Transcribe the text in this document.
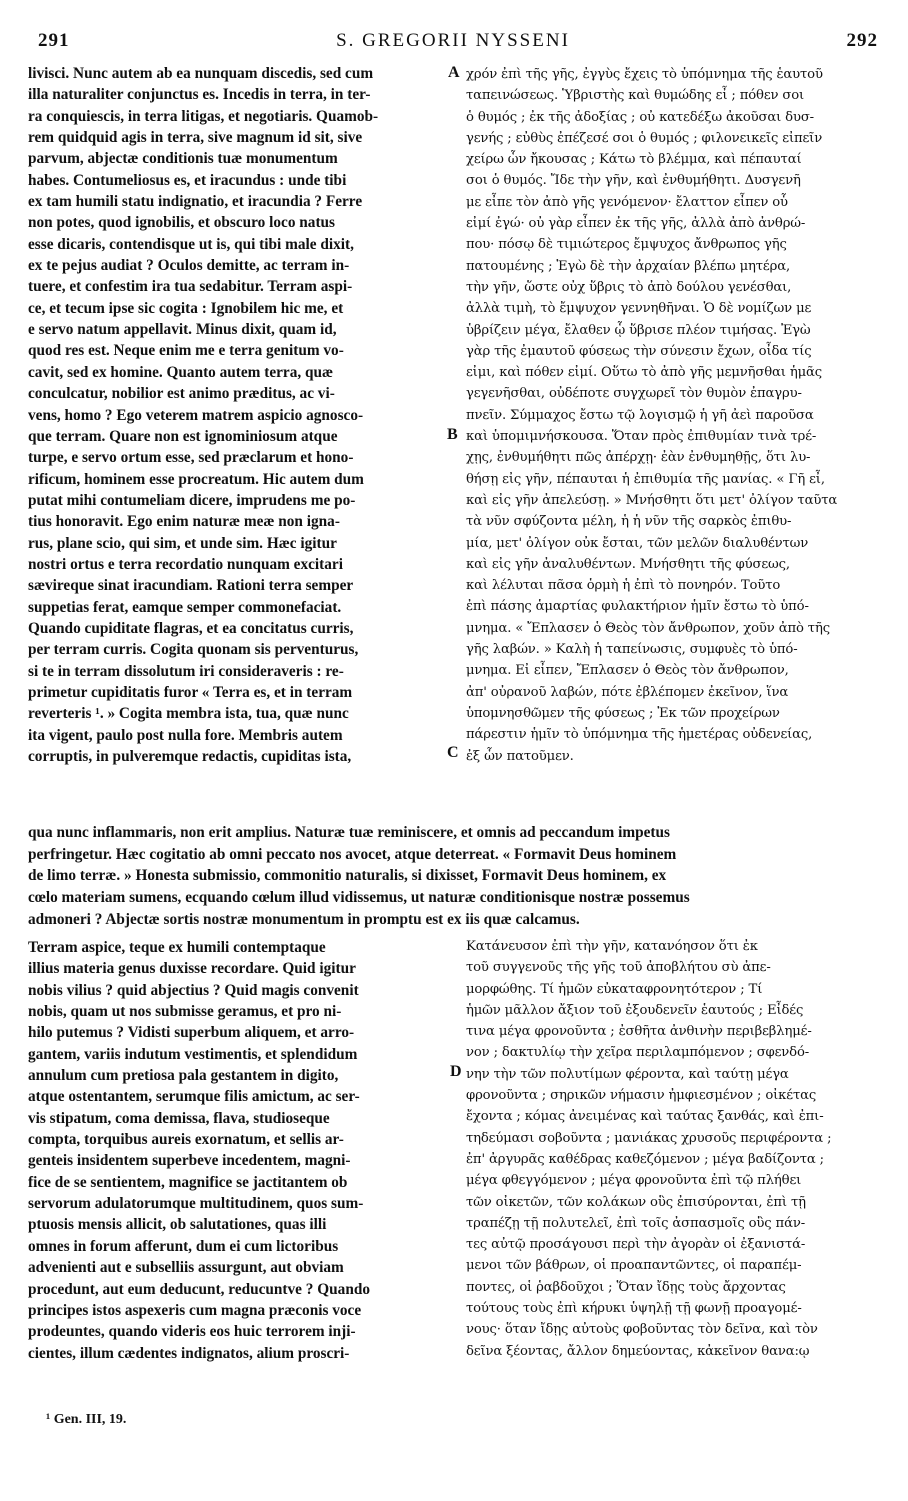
291	S. GREGORII NYSSENI	292
livisci. Nunc autem ab ea nunquam discedis, sed cum
illa naturaliter conjunctus es. Incedis in terra, in ter-
ra conquiescis, in terra litigas, et negotiaris. Quamob-
rem quidquid agis in terra, sive magnum id sit, sive
parvum, abjectæ conditionis tuæ monumentum
habes. Contumeliosus es, et iracundus : unde tibi
ex tam humili statu indignatio, et iracundia ? Ferre
non potes, quod ignobilis, et obscuro loco natus
esse dicaris, contendisque ut is, qui tibi male dixit,
ex te pejus audiat ? Oculos demitte, ac terram in-
tuere, et confestim ira tua sedabitur. Terram aspi-
ce, et tecum ipse sic cogita : Ignobilem hic me, et
e servo natum appellavit. Minus dixit, quam id,
quod res est. Neque enim me e terra genitum vo-
cavit, sed ex homine. Quanto autem terra, quæ
conculcatur, nobilior est animo præditus, ac vi-
vens, homo ? Ego veterem matrem aspicio agnosco-
que terram. Quare non est ignominiosum atque
turpe, e servo ortum esse, sed præclarum et hono-
rificum, hominem esse procreatum. Hic autem dum
putat mihi contumeliam dicere, imprudens me po-
tius honoravit. Ego enim naturæ meæ non igna-
rus, plane scio, qui sim, et unde sim. Hæc igitur
nostri ortus e terra recordatio nunquam excitari
sævireque sinat iracundiam. Rationi terra semper
suppetias ferat, eamque semper commonefaciat.
Quando cupiditate flagras, et ea concitatus curris,
per terram curris. Cogita quonam sis perventurus,
si te in terram dissolutum iri consideraveris : re-
primetur cupiditatis furor « Terra es, et in terram
reverteris ¹. » Cogita membra ista, tua, quæ nunc
ita vigent, paulo post nulla fore. Membris autem
corruptis, in pulveremque redactis, cupiditas ista,
χρόν ἐπὶ τῆς γῆς, ἐγγὺς ἔχεις τὸ ὑπόμνημα τῆς ἑαυτοῦ
ταπεινώσεως. Ὑβριστὴς καὶ θυμώδης εἶ ; πόθεν σοι
ὁ θυμός ; ἐκ τῆς ἀδοξίας ; οὐ κατεδέξω ἀκοῦσαι δυσ-
γενής ; εὐθὺς ἐπέζεσέ σοι ὁ θυμός ; φιλονεικεῖς εἰπεῖν
χείρω ὧν ἤκουσας ; Κάτω τὸ βλέμμα, καὶ πέπαυταί
σοι ὁ θυμός. Ἴδε τὴν γῆν, καὶ ἐνθυμήθητι. Δυσγενῆ
με εἶπε τὸν ἀπὸ γῆς γενόμενον· ἔλαττον εἶπεν οὗ
εἰμί ἐγώ· οὐ γὰρ εἶπεν ἐκ τῆς γῆς, ἀλλὰ ἀπὸ ἀνθρώ-
που· πόσῳ δὲ τιμιώτερος ἔμψυχος ἄνθρωπος γῆς
πατουμένης ; Ἐγὼ δὲ τὴν ἀρχαίαν βλέπω μητέρα,
τὴν γῆν, ὥστε οὐχ ὕβρις τὸ ἀπὸ δούλου γενέσθαι,
ἀλλὰ τιμὴ, τὸ ἔμψυχον γεννηθῆναι. Ὁ δὲ νομίζων με
ὑβρίζειν μέγα, ἔλαθεν ᾧ ὕβρισε πλέον τιμήσας. Ἐγὼ
γὰρ τῆς ἐμαυτοῦ φύσεως τὴν σύνεσιν ἔχων, οἶδα τίς
εἰμι, καὶ πόθεν εἰμί. Οὕτω τὸ ἀπὸ γῆς μεμνῆσθαι ἡμᾶς
γεγενῆσθαι, οὐδέποτε συγχωρεῖ τὸν θυμὸν ἐπαγρυ-
πνεῖν. Σύμμαχος ἔστω τῷ λογισμῷ ἡ γῆ ἀεὶ παροῦσα
καὶ ὑπομιμνήσκουσα. Ὅταν πρὸς ἐπιθυμίαν τινὰ τρέ-
χῃς, ἐνθυμήθητι πῶς ἀπέρχῃ· ἐὰν ἐνθυμηθῇς, ὅτι λυ-
θήσῃ εἰς γῆν, πέπαυται ἡ ἐπιθυμία τῆς μανίας. « Γῆ εἶ,
καὶ εἰς γῆν ἀπελεύσῃ. » Μνήσθητι ὅτι μετ' ὀλίγον ταῦτα
τὰ νῦν σφύζοντα μέλη, ἡ ἡ νῦν τῆς σαρκὸς ἐπιθυ-
μία, μετ' ὀλίγον οὐκ ἔσται, τῶν μελῶν διαλυθέντων
καὶ εἰς γῆν ἀναλυθέντων. Μνήσθητι τῆς φύσεως,
καὶ λέλυται πᾶσα ὁρμὴ ἡ ἐπὶ τὸ πονηρόν. Τοῦτο
ἐπὶ πάσης ἁμαρτίας φυλακτήριον ἡμῖν ἔστω τὸ ὑπό-
μνημα. « Ἔπλασεν ὁ Θεὸς τὸν ἄνθρωπον, χοῦν ἀπὸ τῆς
γῆς λαβών. » Καλὴ ἡ ταπείνωσις, συμφυὲς τὸ ὑπό-
μνημα. Εἰ εἶπεν, Ἔπλασεν ὁ Θεὸς τὸν ἄνθρωπον,
ἀπ' οὐρανοῦ λαβών, πότε ἐβλέπομεν ἐκεῖνον, ἵνα
ὑπομνησθῶμεν τῆς φύσεως ; Ἐκ τῶν προχείρων
πάρεστιν ἡμῖν τὸ ὑπόμνημα τῆς ἡμετέρας οὐδενείας,
ἐξ ὧν πατοῦμεν.
A
B
C
D
qua nunc inflammaris, non erit amplius. Naturæ tuæ reminiscere, et omnis ad peccandum impetus
perfringetur. Hæc cogitatio ab omni peccato nos avocet, atque deterreat. « Formavit Deus hominem
de limo terræ. » Honesta submissio, commonitio naturalis, si dixisset, Formavit Deus hominem, ex
cœlo materiam sumens, ecquando cœlum illud vidissemus, ut naturæ conditionisque nostræ possemus
admoneri ? Abjectæ sortis nostræ monumentum in promptu est ex iis quæ calcamus.
Terram aspice, teque ex humili contemptaque
illius materia genus duxisse recordare. Quid igitur
nobis vilius ? quid abjectius ? Quid magis convenit
nobis, quam ut nos submisse geramus, et pro ni-
hilo putemus ? Vidisti superbum aliquem, et arro-
gantem, variis indutum vestimentis, et splendidum
annulum cum pretiosa pala gestantem in digito,
atque ostentantem, serumque filis amictum, ac ser-
vis stipatum, coma demissa, flava, studioseque
compta, torquibus aureis exornatum, et sellis ar-
genteis insidentem superbeve incedentem, magni-
fice de se sentientem, magnifice se jactitantem ob
servorum adulatorumque multitudinem, quos sum-
ptuosis mensis allicit, ob salutationes, quas illi
omnes in forum afferunt, dum ei cum lictoribus
advenienti aut e subselliis assurgunt, aut obviam
procedunt, aut eum deducunt, reducuntve ? Quando
principes istos aspexeris cum magna præconis voce
prodeuntes, quando videris eos huic terrorem inji-
cientes, illum cædentes indignatos, alium proscri-
Κατάνευσον ἐπὶ τὴν γῆν, κατανόησον ὅτι ἐκ
τοῦ συγγενοῦς τῆς γῆς τοῦ ἀποβλήτου σὺ ἀπε-
μορφώθης. Τί ἡμῶν εὐκαταφρονητότερον ; Τί
ἡμῶν μᾶλλον ἄξιον τοῦ ἐξουδενεῖν ἑαυτούς ; Εἶδές
τινα μέγα φρονοῦντα ; ἐσθῆτα ἀνθινὴν περιβεβλημέ-
νον ; δακτυλίῳ τὴν χεῖρα περιλαμπόμενον ; σφενδό-
νην τὴν τῶν πολυτίμων φέροντα, καὶ ταύτῃ μέγα
φρονοῦντα ; σηρικῶν νήμασιν ἠμφιεσμένον ; οἰκέτας
ἔχοντα ; κόμας ἀνειμένας καὶ ταύτας ξανθάς, καὶ ἐπι-
τηδεύμασι σοβοῦντα ; μανιάκας χρυσοῦς περιφέροντα ;
ἐπ' ἀργυρᾶς καθέδρας καθεζόμενον ; μέγα βαδίζοντα ;
μέγα φθεγγόμενον ; μέγα φρονοῦντα ἐπὶ τῷ πλήθει
τῶν οἰκετῶν, τῶν κολάκων οὓς ἐπισύρονται, ἐπὶ τῇ
τραπέζῃ τῇ πολυτελεῖ, ἐπὶ τοῖς ἀσπασμοῖς οὓς πάν-
τες αὐτῷ προσάγουσι περὶ τὴν ἀγορὰν οἱ ἐξανιστά-
μενοι τῶν βάθρων, οἱ προαπαντῶντες, οἱ παραπέμ-
ποντες, οἱ ῥαβδοῦχοι ; Ὅταν ἴδῃς τοὺς ἄρχοντας
τούτους τοὺς ἐπὶ κήρυκι ὑψηλῇ τῇ φωνῇ προαγομέ-
νους· ὅταν ἴδῃς αὐτοὺς φοβοῦντας τὸν δεῖνα, καὶ τὸν
δεῖνα ξέοντας, ἄλλον δημεύοντας, κἀκεῖνον θανα:ῳ
¹ Gen. III, 19.
